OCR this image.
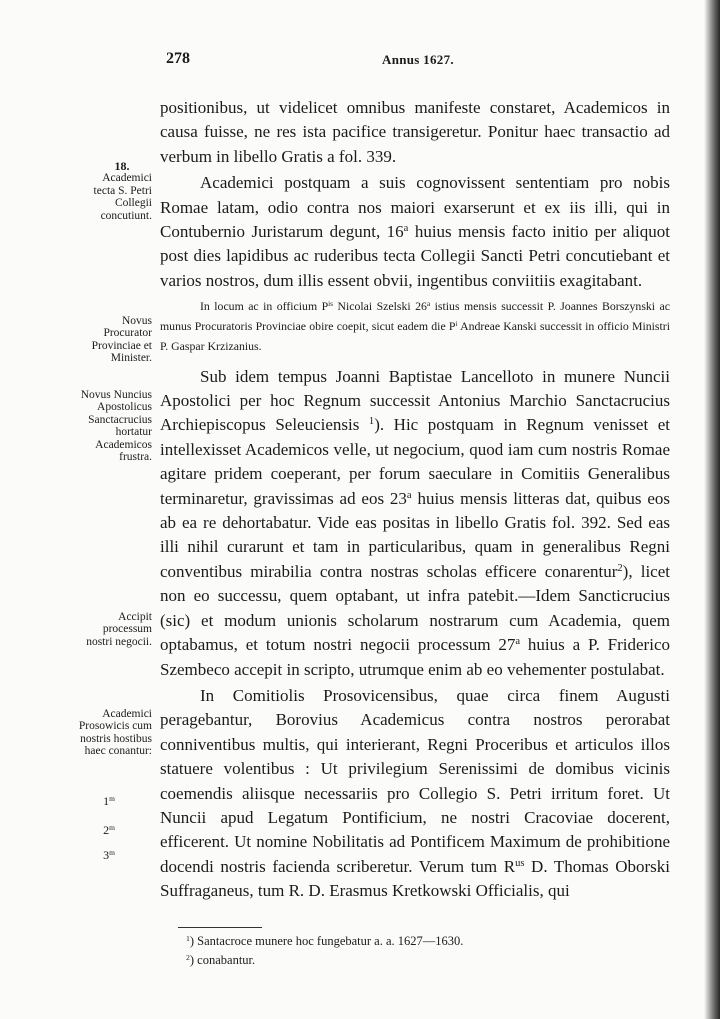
278	Annus 1627.

positionibus, ut videlicet omnibus manifeste constaret, Academicos in causa fuisse, ne res ista pacifice transigeretur. Ponitur haec transactio ad verbum in libello Gratis a fol. 339.

Academici postquam a suis cognovissent sententiam pro nobis Romae latam, odio contra nos maiori exarserunt et ex iis illi, qui in Contubernio Juristarum degunt, 16$^a$ huius mensis facto initio per aliquot post dies lapidibus ac ruderibus tecta Collegii Sancti Petri concutiebant et varios nostros, dum illis essent obvii, ingentibus conviitiis exagitabant.

In locum ac in officium $P^{is}$ Nicolai Szelski 26$^a$ istius mensis successit P. Joannes Borszynski ac munus Procuratoris Provinciae obire coepit, sicut eadem die $P^i$ Andreae Kanski successit in officio Ministri P. Gaspar Krzizanius.

Sub idem tempus Joanni Baptistae Lancelloto in munere Nuncii Apostolici per hoc Regnum successit Antonius Marchio Sanctacrucius Archiepiscopus Seleuciensis $^1$). Hic postquam in Regnum venisset et intellexisset Academicos velle, ut negocium, quod iam cum nostris Romae agitare pridem coeperant, per forum saeculare in Comitiis Generalibus terminaretur, gravissimas ad eos 23$^a$ huius mensis litteras dat, quibus eos ab ea re dehortabatur. Vide eas positas in libello Gratis fol. 392. Sed eas illi nihil curarunt et tam in particularibus, quam in generalibus Regni conventibus mirabilia contra nostras scholas efficere conarentur$^2$), licet non eo successu, quem optabant, ut infra patebit.—Idem Sancticrucius (sic) et modum unionis scholarum nostrarum cum Academia, quem optabamus, et totum nostri negocii processum 27$^a$ huius a P. Friderico Szembeco accepit in scripto, utrumque enim ab eo vehementer postulabat.

In Comitiolis Prosovicensibus, quae circa finem Augusti peragebantur, Borovius Academicus contra nostros perorabat conniventibus multis, qui interierant, Regni Proceribus et articulos illos statuere volentibus : Ut privilegium Serenissimi de domibus vicinis coemendis aliisque necessariis pro Collegio S. Petri irritum foret. Ut Nuncii apud Legatum Pontificium, ne nostri Cracoviae docerent, efficerent. Ut nomine Nobilitatis ad Pontificem Maximum de prohibitione docendi nostris facienda scriberetur. Verum tum $R^{us}$ D. Thomas Oborski Suffraganeus, tum R. D. Erasmus Kretkowski Officialis, qui

18.
Academici tecta S. Petri Collegii concutiunt.
Novus Procurator Provinciae et Minister.
Novus Nuncius Apostolicus Sanctacrucius hortatur Academicos frustra.
Accipit processum nostri negocii.
Academici Prosowicis cum nostris hostibus haec conantur:
1$^m$
2$^m$
3$^m$
$^1$) Santacroce munere hoc fungebatur a. a. 1627—1630.
$^2$) conabantur.
